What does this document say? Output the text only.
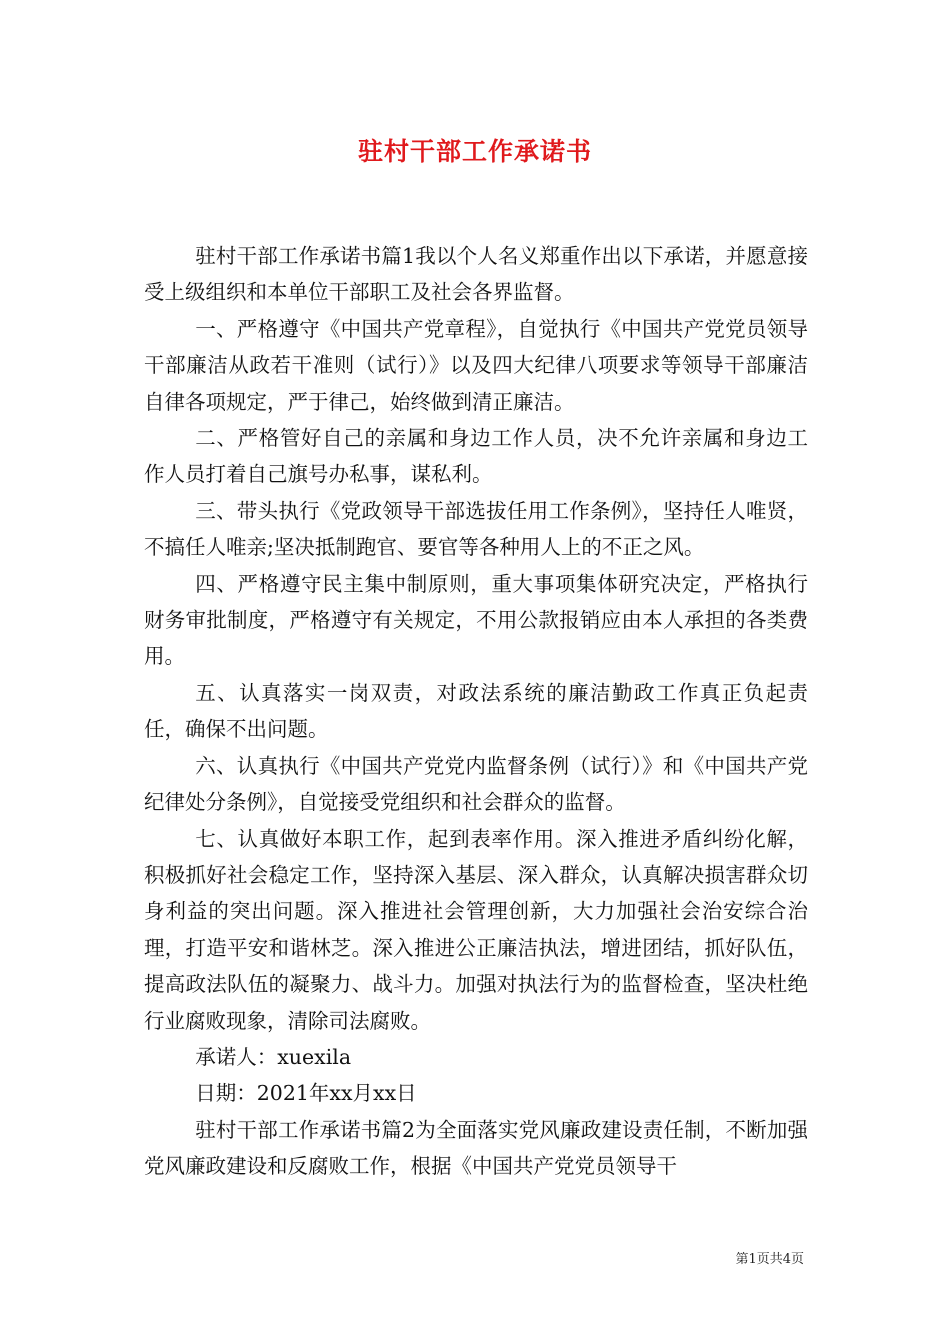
驻村干部工作承诺书

驻村干部工作承诺书篇1我以个人名义郑重作出以下承诺，并愿意接受上级组织和本单位干部职工及社会各界监督。

一、严格遵守《中国共产党章程》，自觉执行《中国共产党党员领导干部廉洁从政若干准则（试行）》以及四大纪律八项要求等领导干部廉洁自律各项规定，严于律己，始终做到清正廉洁。

二、严格管好自己的亲属和身边工作人员，决不允许亲属和身边工作人员打着自己旗号办私事，谋私利。

三、带头执行《党政领导干部选拔任用工作条例》，坚持任人唯贤，不搞任人唯亲;坚决抵制跑官、要官等各种用人上的不正之风。

四、严格遵守民主集中制原则，重大事项集体研究决定，严格执行财务审批制度，严格遵守有关规定，不用公款报销应由本人承担的各类费用。

五、认真落实一岗双责，对政法系统的廉洁勤政工作真正负起责任，确保不出问题。

六、认真执行《中国共产党党内监督条例（试行）》和《中国共产党纪律处分条例》，自觉接受党组织和社会群众的监督。

七、认真做好本职工作，起到表率作用。深入推进矛盾纠纷化解，积极抓好社会稳定工作，坚持深入基层、深入群众，认真解决损害群众切身利益的突出问题。深入推进社会管理创新，大力加强社会治安综合治理，打造平安和谐林芝。深入推进公正廉洁执法，增进团结，抓好队伍，提高政法队伍的凝聚力、战斗力。加强对执法行为的监督检查，坚决杜绝行业腐败现象，清除司法腐败。

承诺人：xuexila

日期：2021年xx月xx日

驻村干部工作承诺书篇2为全面落实党风廉政建设责任制，不断加强党风廉政建设和反腐败工作，根据《中国共产党党员领导干

第1页共4页
